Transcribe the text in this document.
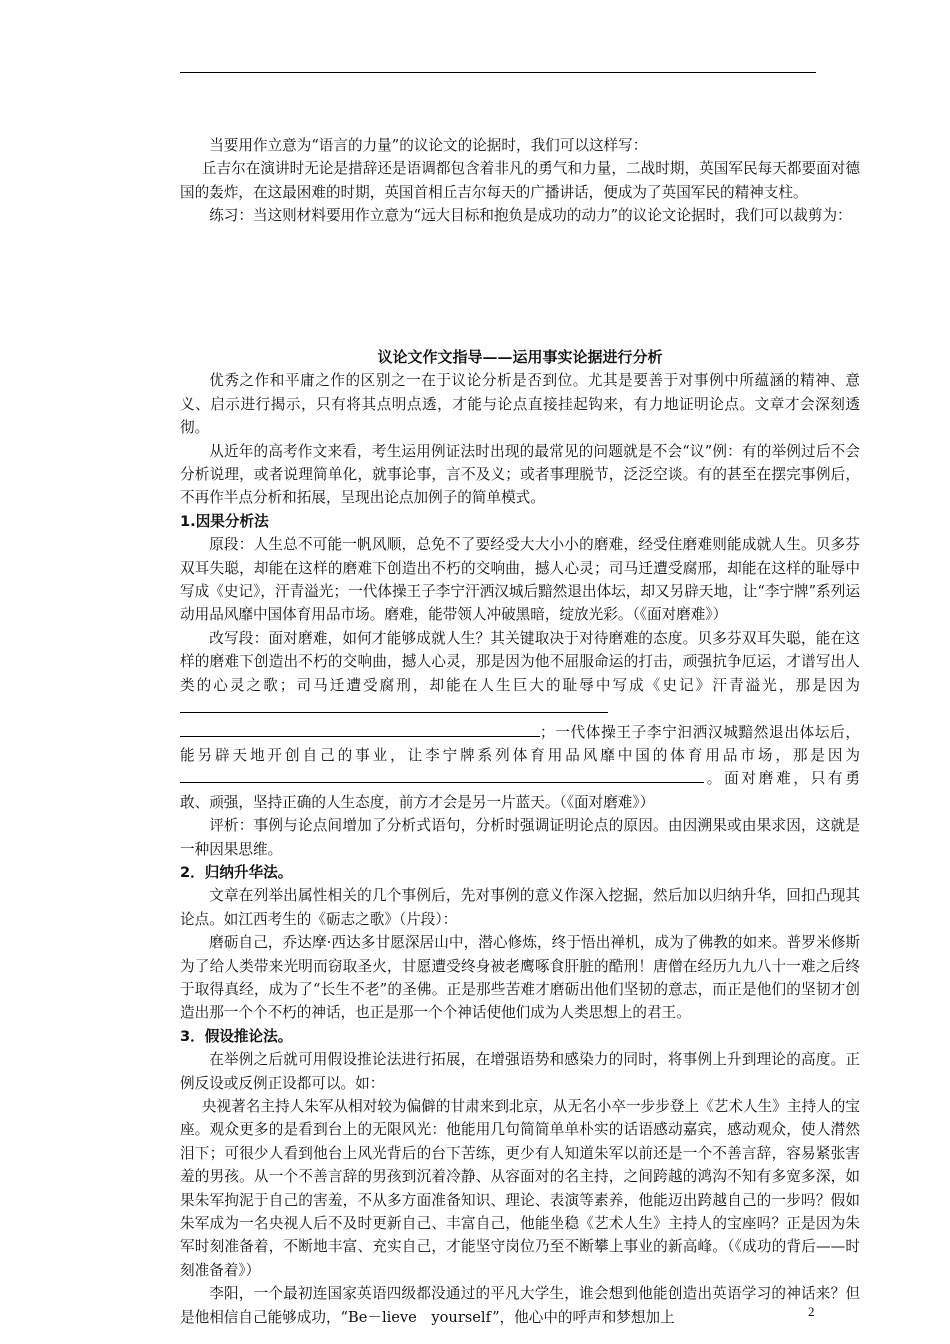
当要用作立意为“语言的力量”的议论文的论据时，我们可以这样写：

丘吉尔在演讲时无论是措辞还是语调都包含着非凡的勇气和力量，二战时期，英国军民每天都要面对德国的轰炸，在这最困难的时期，英国首相丘吉尔每天的广播讲话，便成为了英国军民的精神支柱。

练习：当这则材料要用作立意为“远大目标和抱负是成功的动力”的议论文论据时，我们可以裁剪为：

议论文作文指导——运用事实论据进行分析

优秀之作和平庸之作的区别之一在于议论分析是否到位。尤其是要善于对事例中所蕴涵的精神、意义、启示进行揭示，只有将其点明点透，才能与论点直接挂起钩来，有力地证明论点。文章才会深刻透彻。

从近年的高考作文来看，考生运用例证法时出现的最常见的问题就是不会“议”例：有的举例过后不会分析说理，或者说理简单化，就事论事，言不及义；或者事理脱节，泛泛空谈。有的甚至在摆完事例后，不再作半点分析和拓展，呈现出论点加例子的简单模式。

1.因果分析法

原段：人生总不可能一帆风顺，总免不了要经受大大小小的磨难，经受住磨难则能成就人生。贝多芬双耳失聪，却能在这样的磨难下创造出不朽的交响曲，撼人心灵；司马迁遭受腐邢，却能在这样的耻辱中写成《史记》，汗青溢光；一代体操王子李宁汗洒汉城后黯然退出体坛，却又另辟天地，让“李宁牌”系列运动用品风靡中国体育用品市场。磨难，能带领人冲破黑暗，绽放光彩。（《面对磨难》）

改写段：面对磨难，如何才能够成就人生？其关键取决于对待磨难的态度。贝多芬双耳失聪，能在这样的磨难下创造出不朽的交响曲，撼人心灵，那是因为他不屈服命运的打击，顽强抗争厄运，才谱写出人类的心灵之歌；司马迁遭受腐刑，却能在人生巨大的耻辱中写成《史记》汗青溢光，那是因为
；一代体操王子李宁汩洒汉城黯然退出体坛后，能另辟天地开创自己的事业，让李宁牌系列体育用品风靡中国的体育用品市场，那是因为。面对磨难，只有勇敢、顽强，坚持正确的人生态度，前方才会是另一片蓝天。（《面对磨难》）

评析：事例与论点间增加了分析式语句，分析时强调证明论点的原因。由因溯果或由果求因，这就是一种因果思维。

2．归纳升华法。

文章在列举出属性相关的几个事例后，先对事例的意义作深入挖掘，然后加以归纳升华，回扣凸现其论点。如江西考生的《砺志之歌》（片段）：

磨砺自己，乔达摩·西达多甘愿深居山中，潜心修炼，终于悟出禅机，成为了佛教的如来。普罗米修斯为了给人类带来光明而窃取圣火，甘愿遭受终身被老鹰啄食肝脏的酷刑！唐僧在经历九九八十一难之后终于取得真经，成为了“长生不老”的圣佛。正是那些苦难才磨砺出他们坚韧的意志，而正是他们的坚韧才创造出那一个个不朽的神话，也正是那一个个神话使他们成为人类思想上的君王。

3．假设推论法。

在举例之后就可用假设推论法进行拓展，在增强语势和感染力的同时，将事例上升到理论的高度。正例反设或反例正设都可以。如：

央视著名主持人朱军从相对较为偏僻的甘肃来到北京，从无名小卒一步步登上《艺术人生》主持人的宝座。观众更多的是看到台上的无限风光：他能用几句简简单单朴实的话语感动嘉宾，感动观众，使人潸然泪下；可很少人看到他台上风光背后的台下苦练，更少有人知道朱军以前还是一个不善言辞，容易紧张害羞的男孩。从一个不善言辞的男孩到沉着冷静、从容面对的名主持，之间跨越的鸿沟不知有多宽多深，如果朱军拘泥于自己的害羞，不从多方面准备知识、理论、表演等素养，他能迈出跨越自己的一步吗？假如朱军成为一名央视人后不及时更新自己、丰富自己，他能坐稳《艺术人生》主持人的宝座吗？正是因为朱军时刻准备着，不断地丰富、充实自己，才能坚守岗位乃至不断攀上事业的新高峰。（《成功的背后——时刻准备着》）

李阳，一个最初连国家英语四级都没通过的平凡大学生，谁会想到他能创造出英语学习的神话来？但是他相信自己能够成功，“Be－lieve　yourself”，他心中的呼声和梦想加上	2
